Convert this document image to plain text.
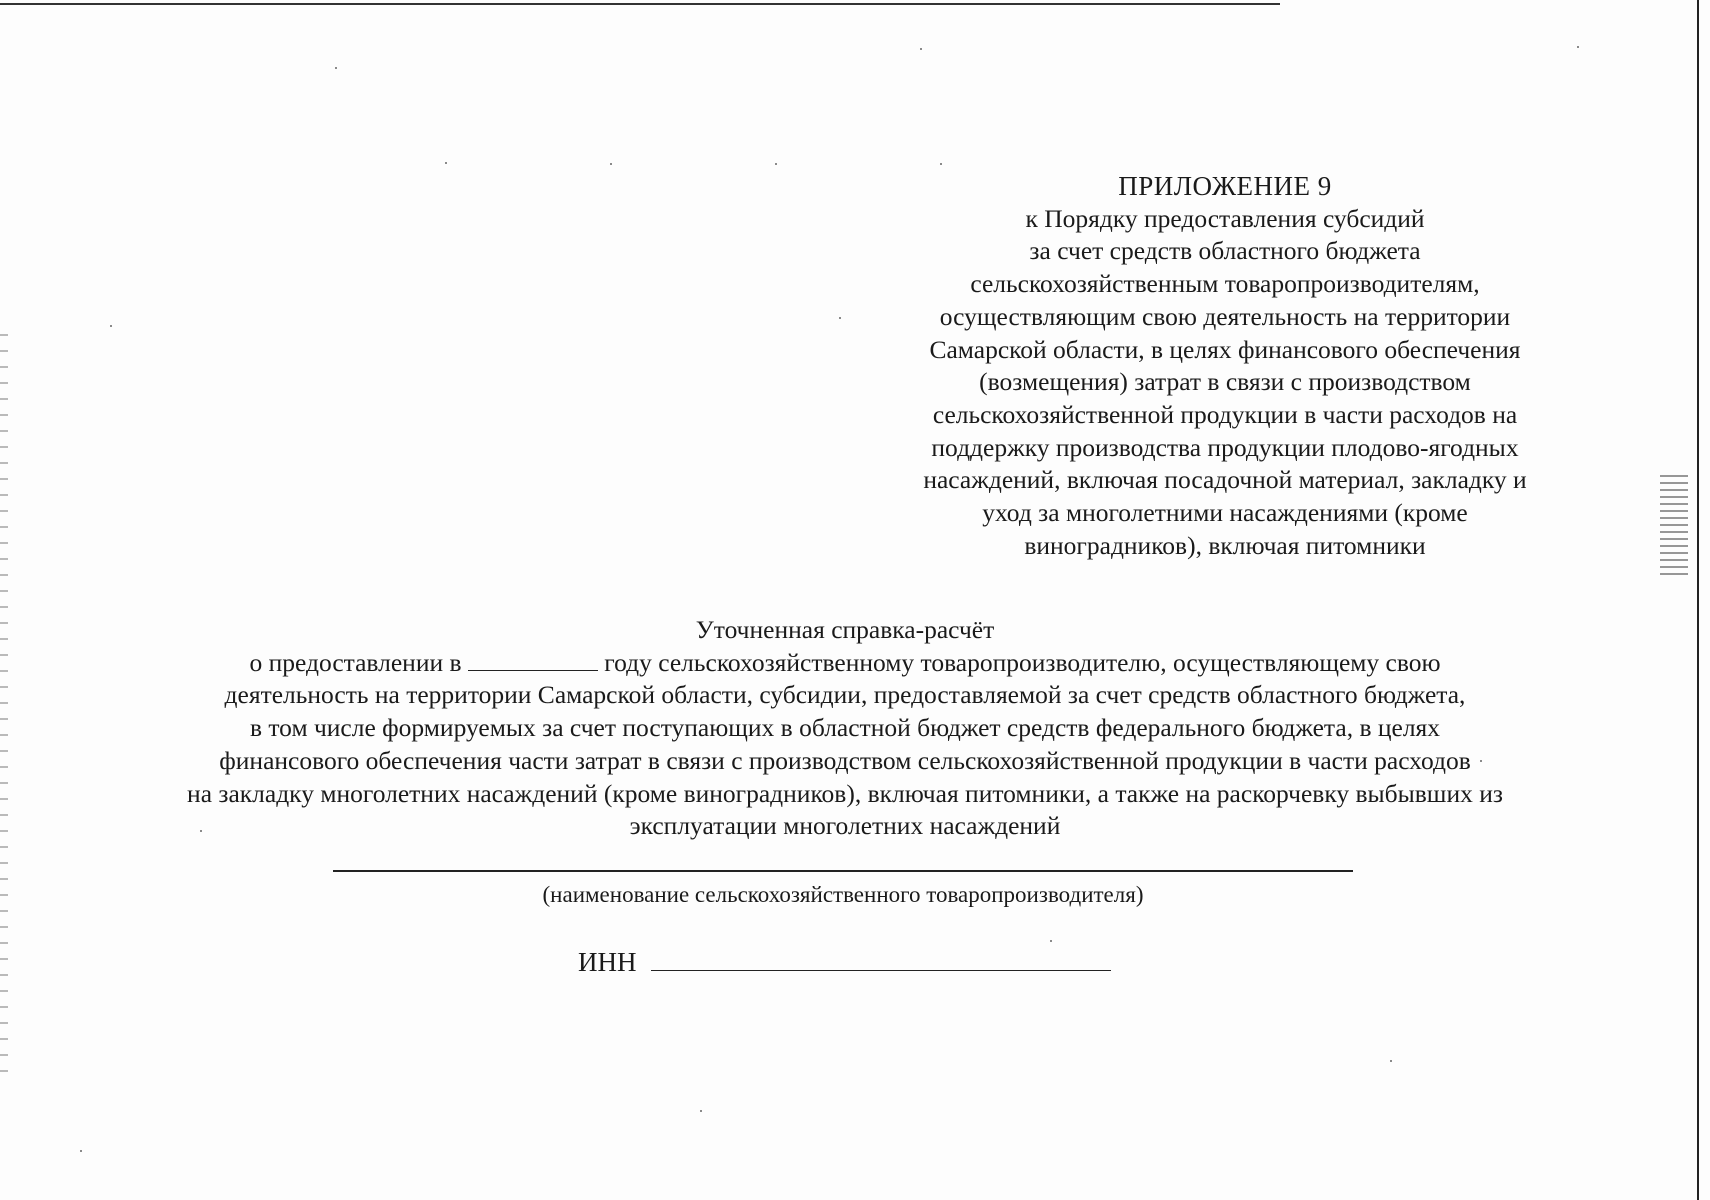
ПРИЛОЖЕНИЕ 9
к Порядку предоставления субсидий
за счет средств областного бюджета
сельскохозяйственным товаропроизводителям,
осуществляющим свою деятельность на территории
Самарской области, в целях финансового обеспечения
(возмещения) затрат в связи с производством
сельскохозяйственной продукции в части расходов на
поддержку производства продукции плодово-ягодных
насаждений, включая посадочной материал, закладку и
уход за многолетними насаждениями (кроме
виноградников), включая питомники
Уточненная справка-расчёт
о предоставлении в	году сельскохозяйственному товаропроизводителю, осуществляющему свою
деятельность на территории Самарской области, субсидии, предоставляемой за счет средств областного бюджета,
в том числе формируемых за счет поступающих в областной бюджет средств федерального бюджета, в целях
финансового обеспечения части затрат в связи с производством сельскохозяйственной продукции в части расходов
на закладку многолетних насаждений (кроме виноградников), включая питомники, а также на раскорчевку выбывших из
эксплуатации многолетних насаждений
(наименование сельскохозяйственного товаропроизводителя)
ИНН
